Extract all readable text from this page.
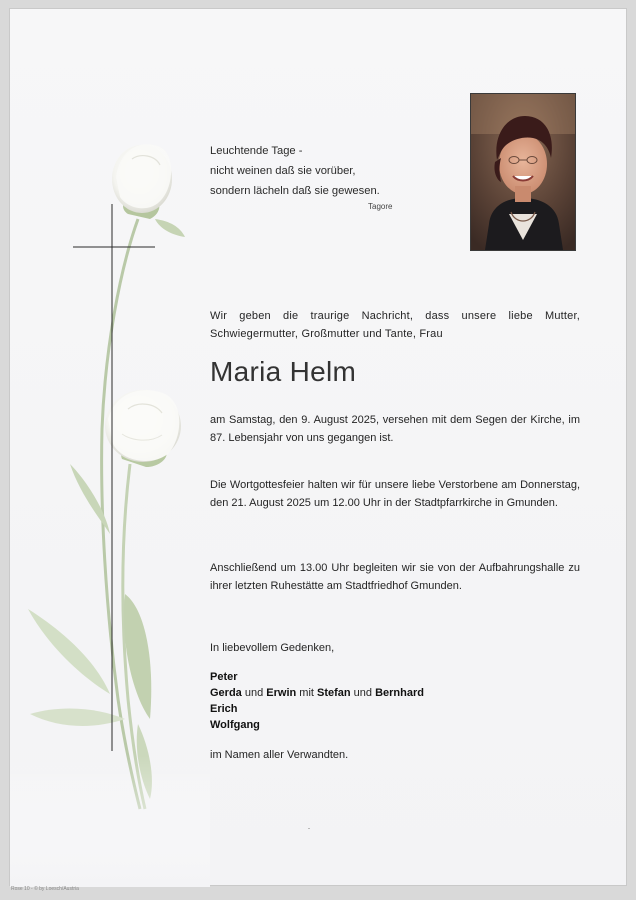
Leuchtende Tage -
nicht weinen daß sie vorüber,
sondern lächeln daß sie gewesen.
Tagore
Wir geben die traurige Nachricht, dass unsere liebe Mutter, Schwiegermutter, Großmutter und Tante, Frau
Maria Helm
am Samstag, den 9. August 2025, versehen mit dem Segen der Kirche, im 87. Lebensjahr von uns gegangen ist.
Die Wortgottesfeier halten wir für unsere liebe Verstorbene am Donnerstag, den 21. August 2025 um 12.00 Uhr in der Stadtpfarrkirche in Gmunden.
Anschließend um 13.00 Uhr begleiten wir sie von der Aufbahrungshalle zu ihrer letzten Ruhestätte am Stadtfriedhof Gmunden.
In liebevollem Gedenken,
Peter
Gerda und Erwin mit Stefan und Bernhard
Erich
Wolfgang
im Namen aller Verwandten.
Rose 10 - © by Loesch/Austria
